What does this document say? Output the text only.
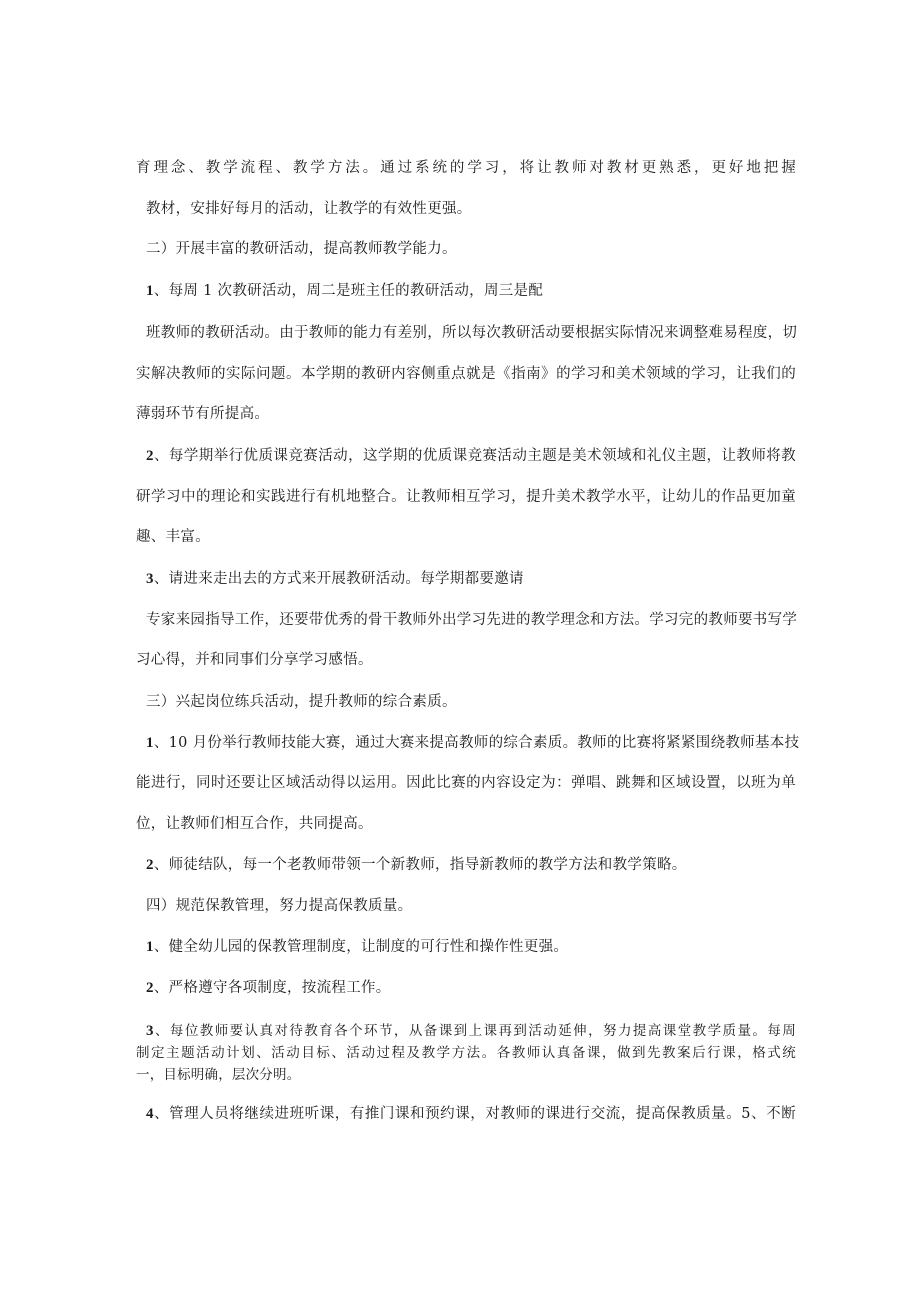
育理念、教学流程、教学方法。通过系统的学习，将让教师对教材更熟悉，更好地把握
教材，安排好每月的活动，让教学的有效性更强。
二）开展丰富的教研活动，提高教师教学能力。
1、每周 1 次教研活动，周二是班主任的教研活动，周三是配
班教师的教研活动。由于教师的能力有差别，所以每次教研活动要根据实际情况来调整难易程度，切
实解决教师的实际问题。本学期的教研内容侧重点就是《指南》的学习和美术领域的学习，让我们的
薄弱环节有所提高。
2、每学期举行优质课竞赛活动，这学期的优质课竞赛活动主题是美术领域和礼仪主题，让教师将教
研学习中的理论和实践进行有机地整合。让教师相互学习，提升美术教学水平，让幼儿的作品更加童
趣、丰富。
3、请进来走出去的方式来开展教研活动。每学期都要邀请
专家来园指导工作，还要带优秀的骨干教师外出学习先进的教学理念和方法。学习完的教师要书写学
习心得，并和同事们分享学习感悟。
三）兴起岗位练兵活动，提升教师的综合素质。
1、10 月份举行教师技能大赛，通过大赛来提高教师的综合素质。教师的比赛将紧紧围绕教师基本技
能进行，同时还要让区域活动得以运用。因此比赛的内容设定为：弹唱、跳舞和区域设置，以班为单
位，让教师们相互合作，共同提高。
2、师徒结队，每一个老教师带领一个新教师，指导新教师的教学方法和教学策略。
四）规范保教管理，努力提高保教质量。
1、健全幼儿园的保教管理制度，让制度的可行性和操作性更强。
2、严格遵守各项制度，按流程工作。
3、每位教师要认真对待教育各个环节，从备课到上课再到活动延伸，努力提高课堂教学质量。每周
制定主题活动计划、活动目标、活动过程及教学方法。各教师认真备课，做到先教案后行课，格式统
一，目标明确，层次分明。
4、管理人员将继续进班听课，有推门课和预约课，对教师的课进行交流，提高保教质量。5、不断
